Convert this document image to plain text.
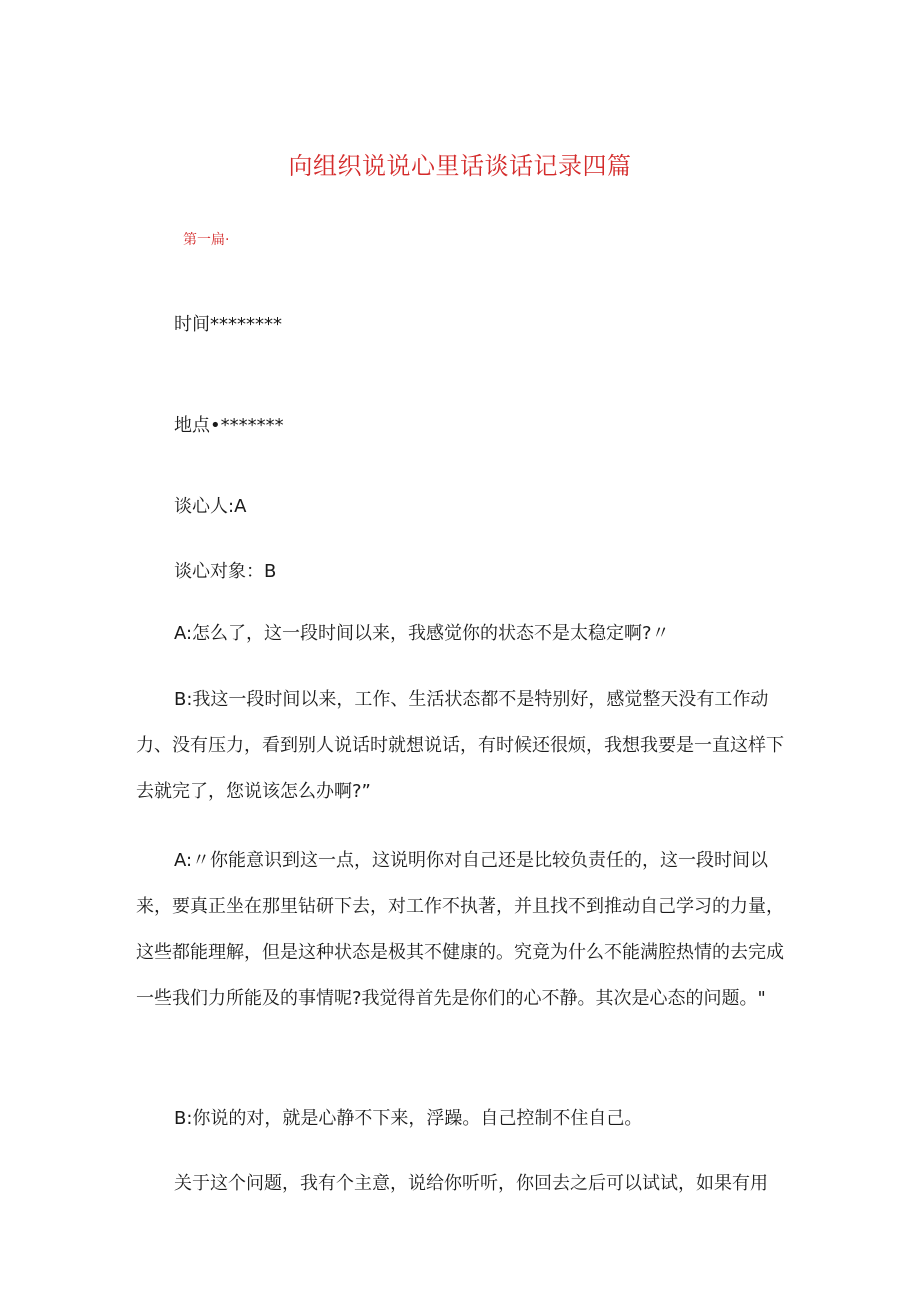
向组织说说心里话谈话记录四篇
第一扁·
时间********
地点•*******
谈心人:A
谈心对象：B

A:怎么了，这一段时间以来，我感觉你的状态不是太稳定啊?〃

B:我这一段时间以来，工作、生活状态都不是特别好，感觉整天没有工作动力、没有压力，看到别人说话时就想说话，有时候还很烦，我想我要是一直这样下去就完了，您说该怎么办啊?”

A:〃你能意识到这一点，这说明你对自己还是比较负责任的，这一段时间以来，要真正坐在那里钻研下去，对工作不执著，并且找不到推动自己学习的力量，这些都能理解，但是这种状态是极其不健康的。究竟为什么不能满腔热情的去完成一些我们力所能及的事情呢?我觉得首先是你们的心不静。其次是心态的问题。"

B:你说的对，就是心静不下来，浮躁。自己控制不住自己。

关于这个问题，我有个主意，说给你听听，你回去之后可以试试，如果有用
